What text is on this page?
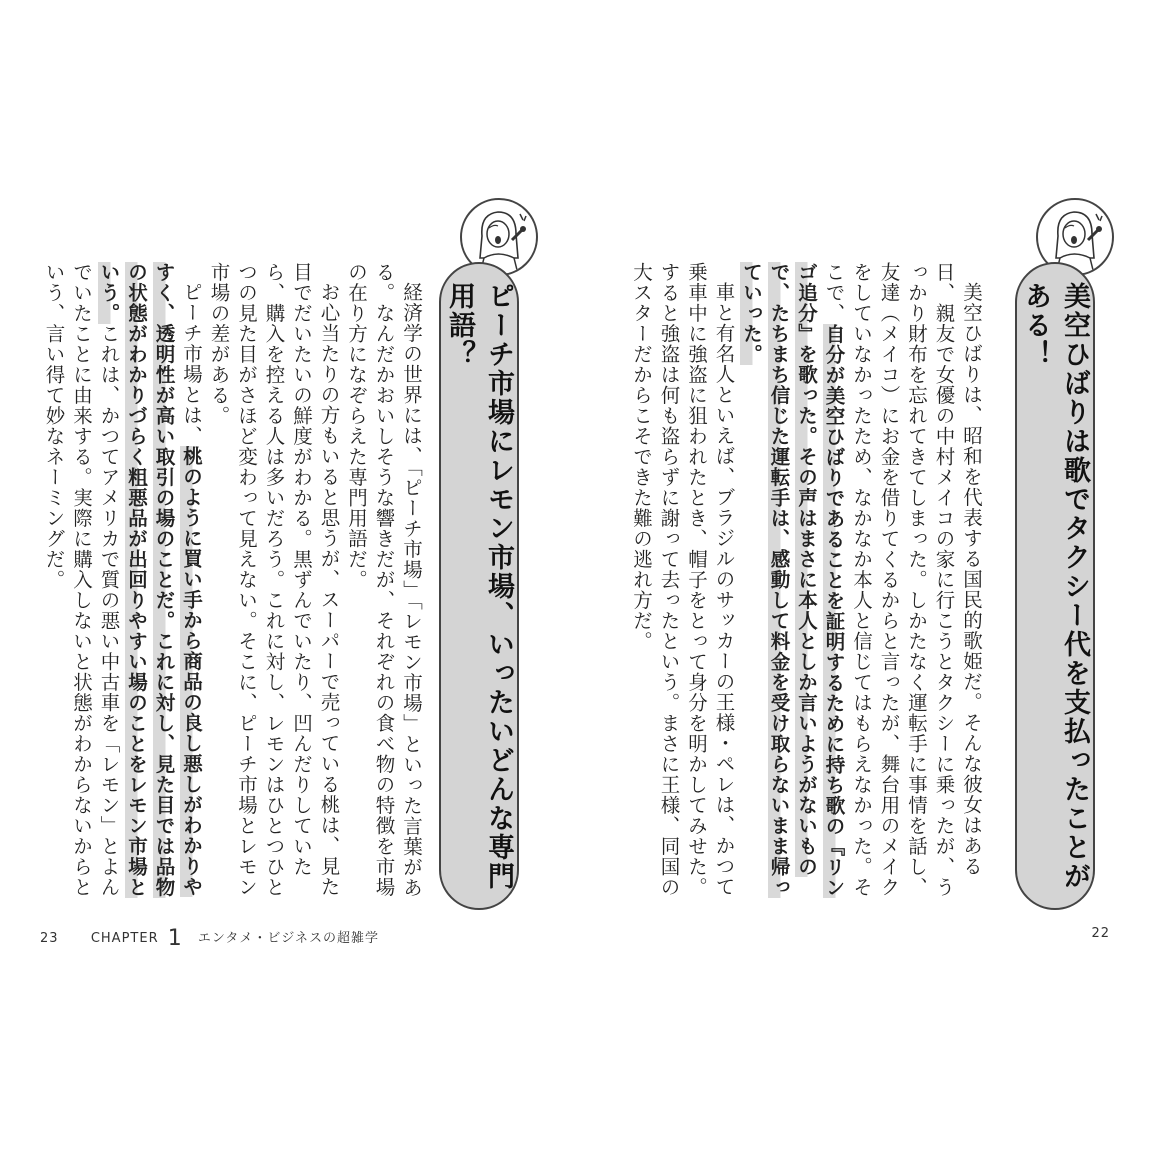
ピーチ市場にレモン市場、いったいどんな専門用語？

経済学の世界には、「ピーチ市場」「レモン市場」といった言葉がある。なんだかおいしそうな響きだが、それぞれの食べ物の特徴を市場の在り方になぞらえた専門用語だ。

お心当たりの方もいると思うが、スーパーで売っている桃は、見た目でだいたいの鮮度がわかる。黒ずんでいたり、凹んだりしていたら、購入を控える人は多いだろう。これに対し、レモンはひとつひとつの見た目がさほど変わって見えない。そこに、ピーチ市場とレモン市場の差がある。

ピーチ市場とは、桃のように買い手から商品の良し悪しがわかりやすく、透明性が高い取引の場のことだ。これに対し、見た目では品物の状態がわかりづらく粗悪品が出回りやすい場のことをレモン市場という。これは、かつてアメリカで質の悪い中古車を「レモン」とよんでいたことに由来する。実際に購入しないと状態がわからないからという、言い得て妙なネーミングだ。

23 CHAPTER 1 エンタメ・ビジネスの超雑学
美空ひばりは歌でタクシー代を支払ったことがある！

美空ひばりは、昭和を代表する国民的歌姫だ。そんな彼女はある日、親友で女優の中村メイコの家に行こうとタクシーに乗ったが、うっかり財布を忘れてきてしまった。しかたなく運転手に事情を話し、友達（メイコ）にお金を借りてくるからと言ったが、舞台用のメイクをしていなかったため、なかなか本人と信じてはもらえなかった。そこで、自分が美空ひばりであることを証明するために持ち歌の『リンゴ追分』を歌った。その声はまさに本人としか言いようがないもので、たちまち信じた運転手は、感動して料金を受け取らないまま帰っていった。

車と有名人といえば、ブラジルのサッカーの王様・ペレは、かつて乗車中に強盗に狙われたとき、帽子をとって身分を明かしてみせた。すると強盗は何も盗らずに謝って去ったという。まさに王様、同国の大スターだからこそできた難の逃れ方だ。

22
